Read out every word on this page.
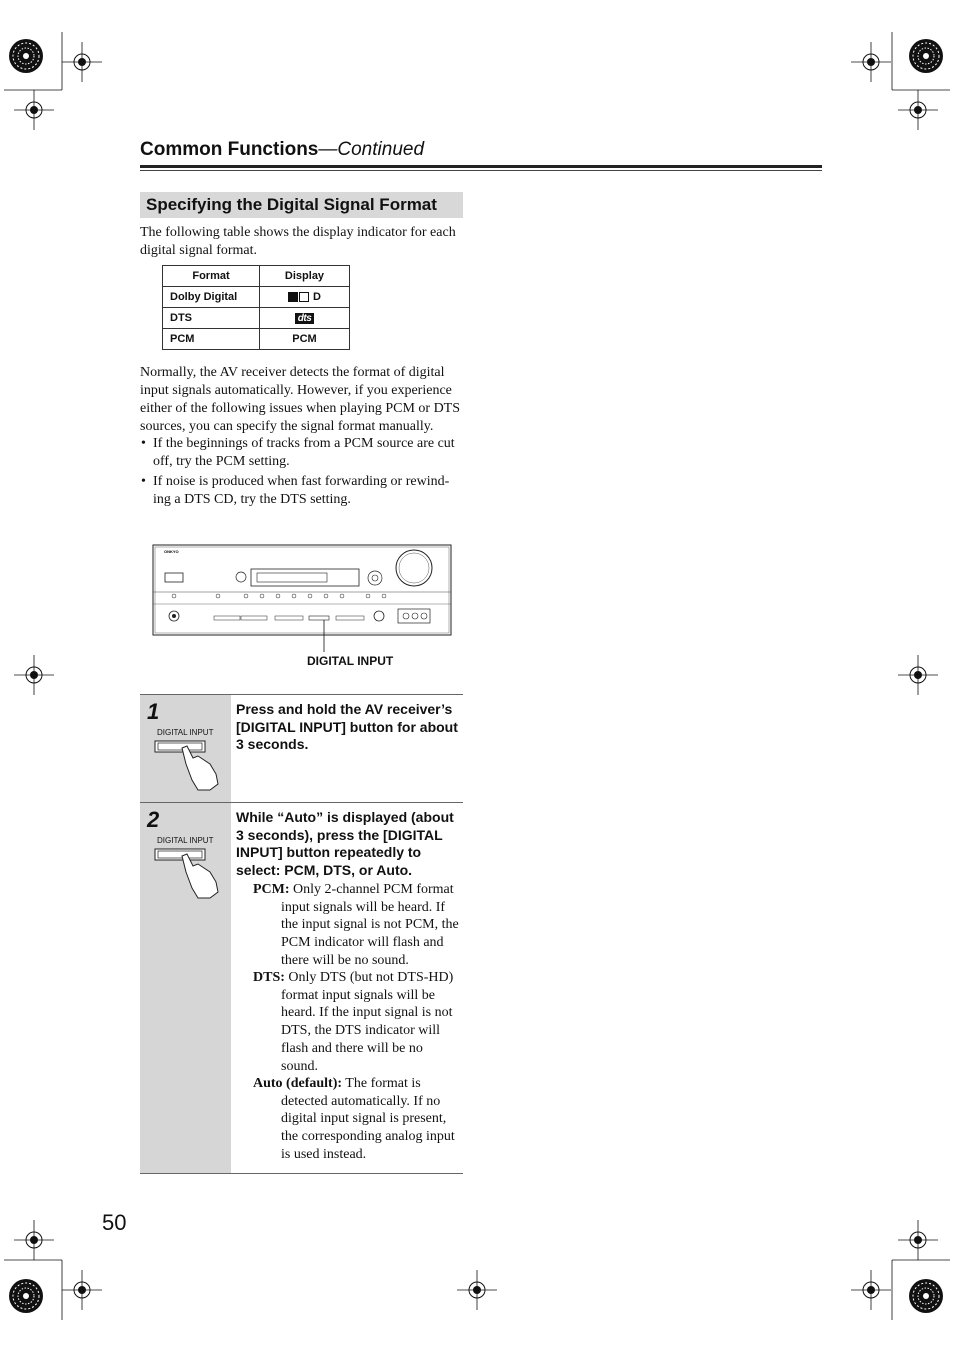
Common Functions—Continued
Specifying the Digital Signal Format
The following table shows the display indicator for each digital signal format.
Format	Display
Dolby Digital	D
DTS	dts
PCM	PCM
Normally, the AV receiver detects the format of digital input signals automatically. However, if you experience either of the following issues when playing PCM or DTS sources, you can specify the signal format manually.
• If the beginnings of tracks from a PCM source are cut off, try the PCM setting.
• If noise is produced when fast forwarding or rewind-ing a DTS CD, try the DTS setting.
ONKYO
DIGITAL INPUT
1
DIGITAL INPUT
Press and hold the AV receiver’s [DIGITAL INPUT] button for about 3 seconds.
2
DIGITAL INPUT
While “Auto” is displayed (about 3 seconds), press the [DIGITAL INPUT] button repeatedly to select: PCM, DTS, or Auto.
PCM: Only 2-channel PCM format input signals will be heard. If the input signal is not PCM, the PCM indicator will flash and there will be no sound.
DTS: Only DTS (but not DTS-HD) format input signals will be heard. If the input signal is not DTS, the DTS indicator will flash and there will be no sound.
Auto (default): The format is detected automatically. If no digital input signal is present, the corresponding analog input is used instead.
50
